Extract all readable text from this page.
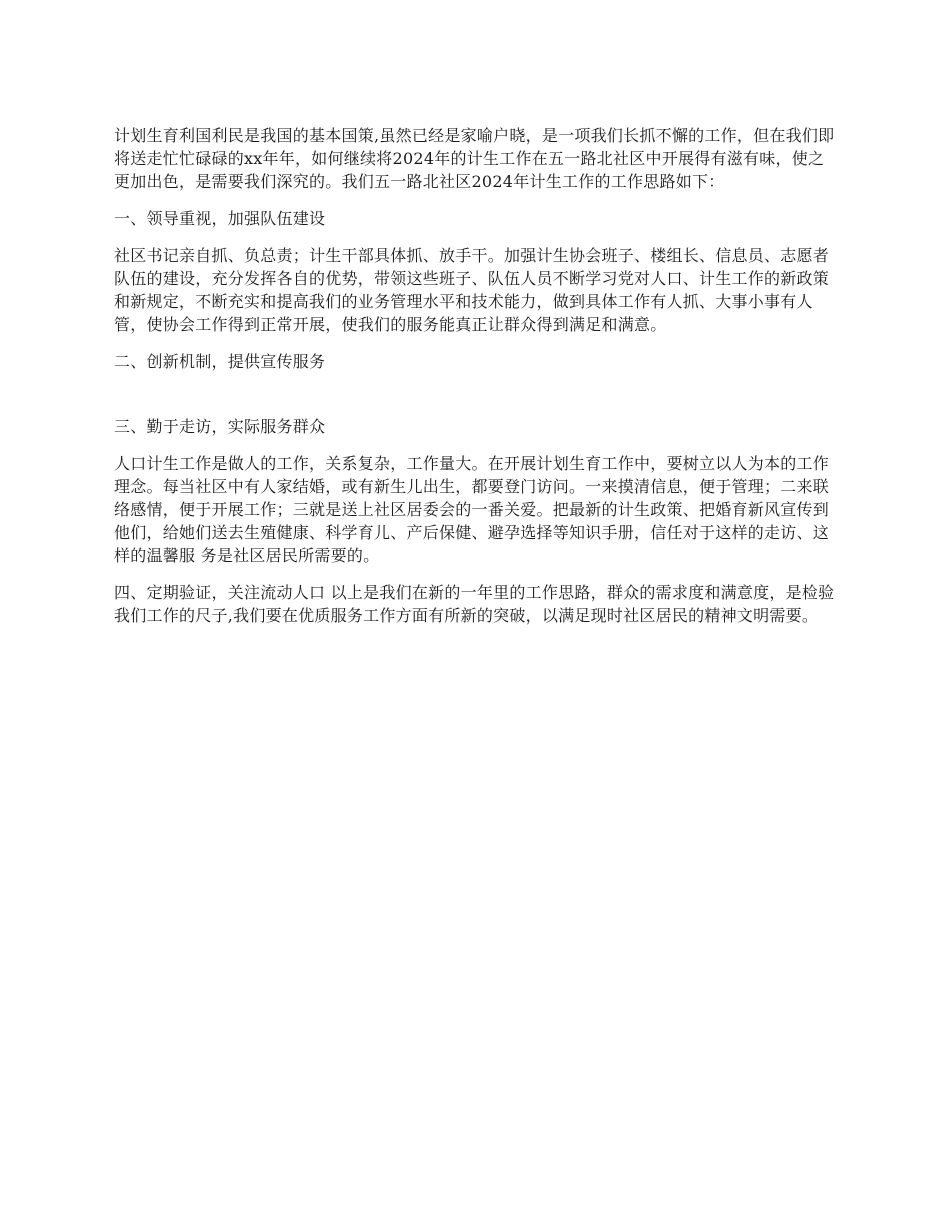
计划生育利国利民是我国的基本国策,虽然已经是家喻户晓，是一项我们长抓不懈的工作，但在我们即将送走忙忙碌碌的xx年年，如何继续将2024年的计生工作在五一路北社区中开展得有滋有味，使之更加出色，是需要我们深究的。我们五一路北社区2024年计生工作的工作思路如下：

一、领导重视，加强队伍建设

社区书记亲自抓、负总责；计生干部具体抓、放手干。加强计生协会班子、楼组长、信息员、志愿者队伍的建设，充分发挥各自的优势，带领这些班子、队伍人员不断学习党对人口、计生工作的新政策和新规定，不断充实和提高我们的业务管理水平和技术能力，做到具体工作有人抓、大事小事有人管，使协会工作得到正常开展，使我们的服务能真正让群众得到满足和满意。

二、创新机制，提供宣传服务

三、勤于走访，实际服务群众

人口计生工作是做人的工作，关系复杂，工作量大。在开展计划生育工作中，要树立以人为本的工作理念。每当社区中有人家结婚，或有新生儿出生，都要登门访问。一来摸清信息，便于管理；二来联络感情，便于开展工作；三就是送上社区居委会的一番关爱。把最新的计生政策、把婚育新风宣传到他们，给她们送去生殖健康、科学育儿、产后保健、避孕选择等知识手册，信任对于这样的走访、这样的温馨服 务是社区居民所需要的。

四、定期验证，关注流动人口 以上是我们在新的一年里的工作思路，群众的需求度和满意度，是检验我们工作的尺子,我们要在优质服务工作方面有所新的突破，以满足现时社区居民的精神文明需要。
